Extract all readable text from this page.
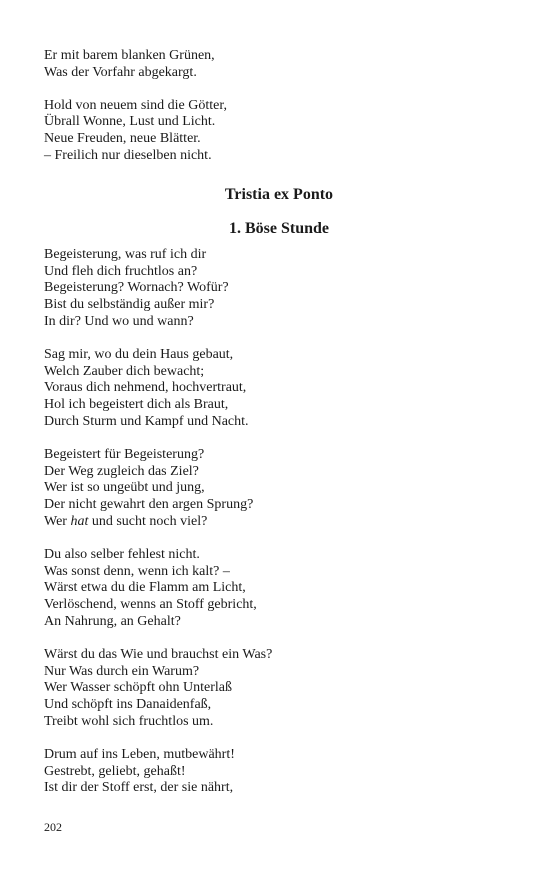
Er mit barem blanken Grünen,
Was der Vorfahr abgekargt.
Hold von neuem sind die Götter,
Übrall Wonne, Lust und Licht.
Neue Freuden, neue Blätter.
– Freilich nur dieselben nicht.
Tristia ex Ponto
1. Böse Stunde
Begeisterung, was ruf ich dir
Und fleh dich fruchtlos an?
Begeisterung? Wornach? Wofür?
Bist du selbständig außer mir?
In dir? Und wo und wann?
Sag mir, wo du dein Haus gebaut,
Welch Zauber dich bewacht;
Voraus dich nehmend, hochvertraut,
Hol ich begeistert dich als Braut,
Durch Sturm und Kampf und Nacht.
Begeistert für Begeisterung?
Der Weg zugleich das Ziel?
Wer ist so ungeübt und jung,
Der nicht gewahrt den argen Sprung?
Wer hat und sucht noch viel?
Du also selber fehlest nicht.
Was sonst denn, wenn ich kalt? –
Wärst etwa du die Flamm am Licht,
Verlöschend, wenns an Stoff gebricht,
An Nahrung, an Gehalt?
Wärst du das Wie und brauchst ein Was?
Nur Was durch ein Warum?
Wer Wasser schöpft ohn Unterlaß
Und schöpft ins Danaidenfaß,
Treibt wohl sich fruchtlos um.
Drum auf ins Leben, mutbewährt!
Gestrebt, geliebt, gehaßt!
Ist dir der Stoff erst, der sie nährt,
202
